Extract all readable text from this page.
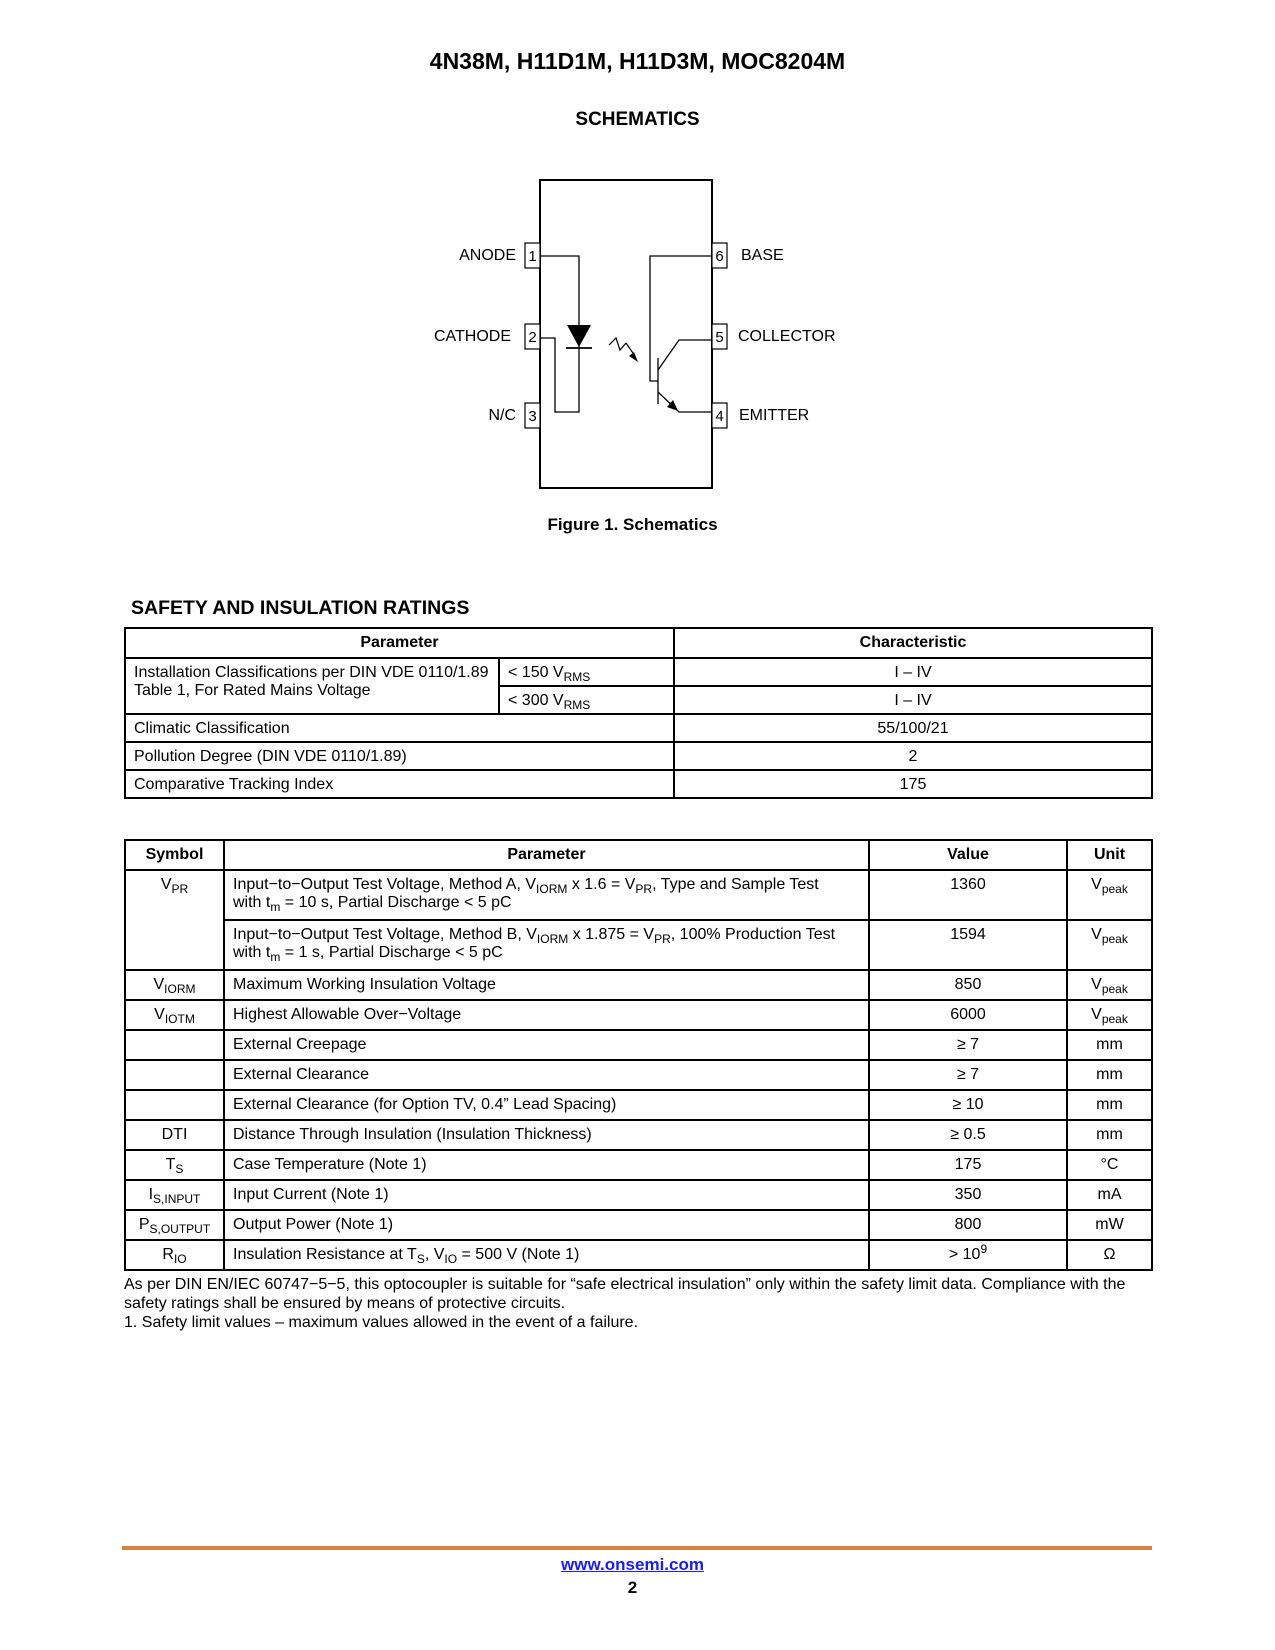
4N38M, H11D1M, H11D3M, MOC8204M
SCHEMATICS
1
2
3
6
5
4
ANODE
CATHODE
N/C
BASE
COLLECTOR
EMITTER
Figure 1. Schematics
SAFETY AND INSULATION RATINGS
Parameter		Characteristic
Installation Classifications per DIN VDE 0110/1.89 Table 1, For Rated Mains Voltage	< 150 $V_{RMS}$	I – IV
	< 300 $V_{RMS}$	I – IV
Climatic Classification		55/100/21
Pollution Degree (DIN VDE 0110/1.89)		2
Comparative Tracking Index		175
Symbol	Parameter	Value	Unit
$V_{PR}$	Input−to−Output Test Voltage, Method A, $V_{IORM}$ x $1.6 = V_{PR}$, Type and Sample Test
with $t_m = 10$ s, Partial Discharge < 5 pC	1360	$V_{peak}$
	Input−to−Output Test Voltage, Method B, $V_{IORM}$ x $1.875 = V_{PR}$, 100% Production Test
with $t_m = 1$ s, Partial Discharge < 5 pC	1594	$V_{peak}$
$V_{IORM}$	Maximum Working Insulation Voltage	850	$V_{peak}$
$V_{IOTM}$	Highest Allowable Over−Voltage	6000	$V_{peak}$
	External Creepage	≥ 7	mm
	External Clearance	≥ 7	mm
	External Clearance (for Option TV, 0.4” Lead Spacing)	≥ 10	mm
DTI	Distance Through Insulation (Insulation Thickness)	≥ 0.5	mm
$T_S$	Case Temperature (Note 1)	175	°C
$I_{S,INPUT}$	Input Current (Note 1)	350	mA
$P_{S,OUTPUT}$	Output Power (Note 1)	800	mW
$R_{IO}$	Insulation Resistance at $T_S$, $V_{IO} = 500$ V (Note 1)	> $10^9$	Ω

As per DIN EN/IEC 60747−5−5, this optocoupler is suitable for “safe electrical insulation” only within the safety limit data. Compliance with the safety ratings shall be ensured by means of protective circuits.

1. Safety limit values – maximum values allowed in the event of a failure.

www.onsemi.com
2
